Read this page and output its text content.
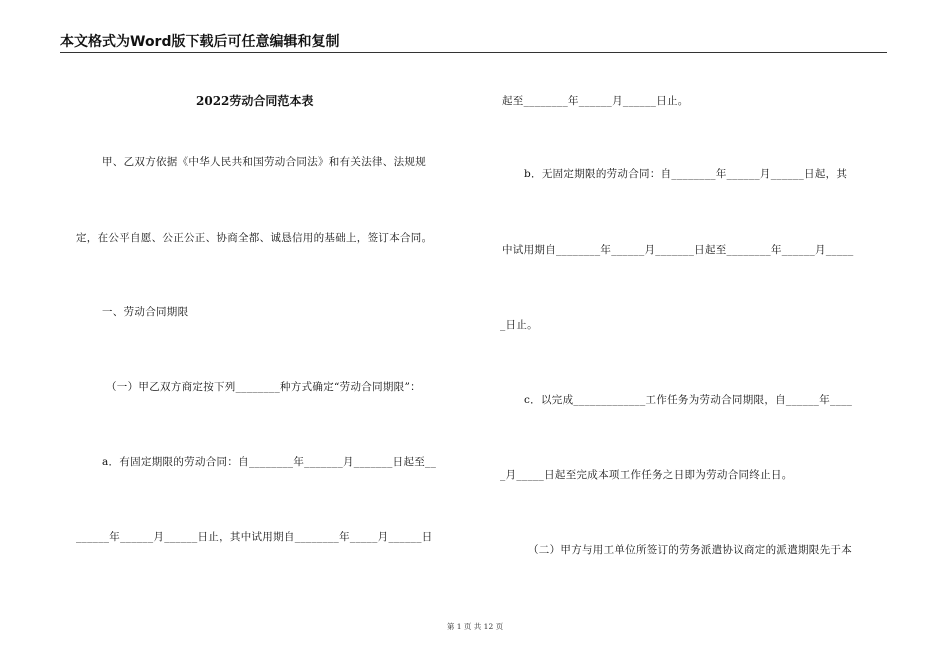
本文格式为Word版下载后可任意编辑和复制
2022劳动合同范本表
甲、乙双方依据《中华人民共和国劳动合同法》和有关法律、法规规
定，在公平自愿、公正公正、协商全都、诚恳信用的基础上，签订本合同。
一、劳动合同期限
（一）甲乙双方商定按下列________种方式确定“劳动合同期限”：
a．有固定期限的劳动合同：自________年_______月_______日起至__
______年______月______日止，其中试用期自________年_____月______日
起至________年______月______日止。
b．无固定期限的劳动合同：自________年______月______日起，其
中试用期自________年______月_______日起至________年______月_____
_日止。
c．以完成_____________工作任务为劳动合同期限，自______年____
_月_____日起至完成本项工作任务之日即为劳动合同终止日。
（二）甲方与用工单位所签订的劳务派遣协议商定的派遣期限先于本
第 1 页 共 12 页
